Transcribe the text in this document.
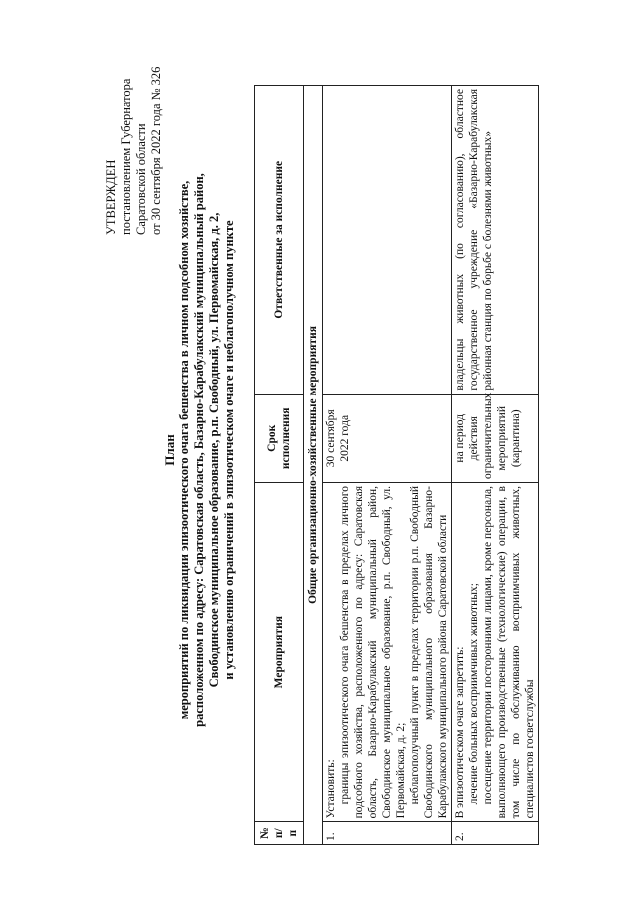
УТВЕРЖДЕН постановлением Губернатора Саратовской области от 30 сентября 2022 года № 326
План мероприятий по ликвидации эпизоотического очага бешенства в личном подсобном хозяйстве, расположенном по адресу: Саратовская область, Базарно-Карабулакский муниципальный район, Свободинское муниципальное образование, р.п. Свободный, ул. Первомайская, д. 2, и установлению ограничений в эпизоотическом очаге и неблагополучном пункте
№ п/п	Мероприятия	Срок исполнения	Ответственные за исполнение
Общие организационно-хозяйственные мероприятия			
1.	Установить: границы эпизоотического очага бешенства в пределах личного подсобного хозяйства, расположенного по адресу: Саратовская область, Базарно-Карабулакский муниципальный район, Свободинское муниципальное образование, р.п. Свободный, ул. Первомайская, д. 2; неблагополучный пункт в пределах территории р.п. Свободный Свободинского муниципального образования Базарно-Карабулакского муниципального района Саратовской области	30 сентября 2022 года	
2.	В эпизоотическом очаге запретить: лечение больных восприимчивых животных; посещение территории посторонними лицами, кроме персонала, выполняющего производственные (технологические) операции, в том числе по обслуживанию восприимчивых животных, специалистов госветслужбы	на период действия ограничительных мероприятий (карантина)	владельцы животных (по согласованию), областное государственное учреждение «Базарно-Карабулакская районная станция по борьбе с болезнями животных»
